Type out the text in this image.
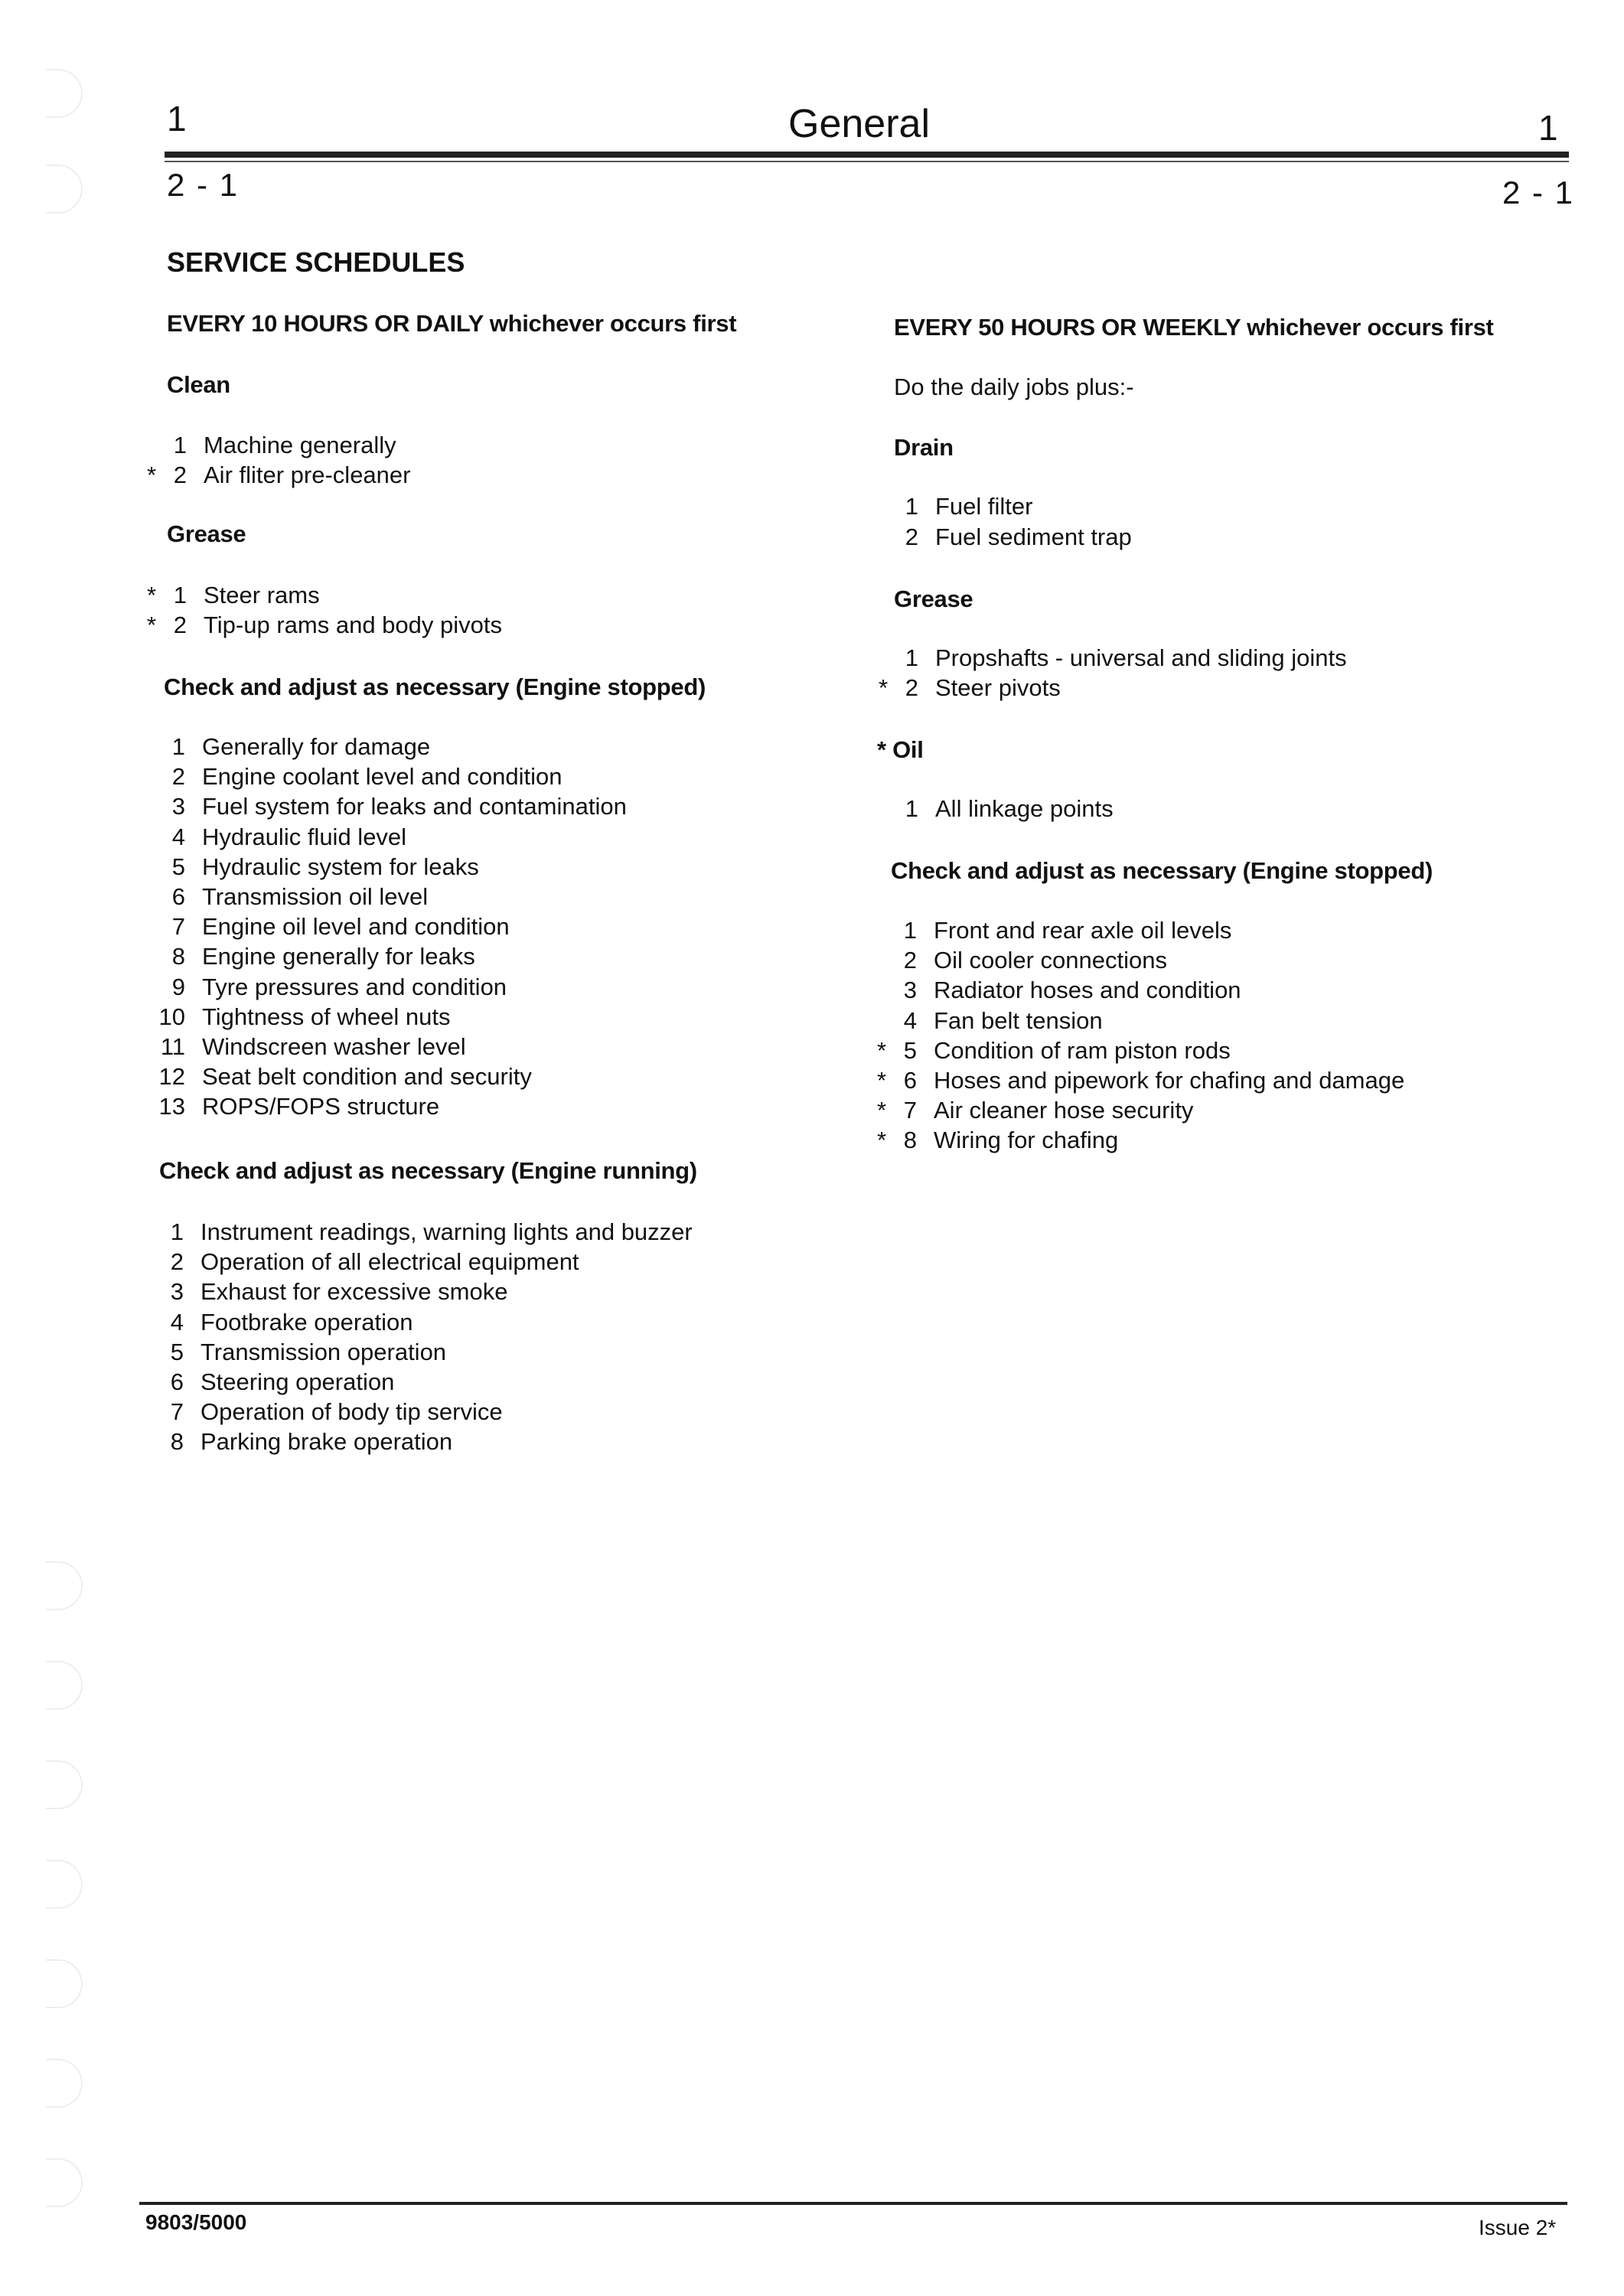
1	General	1
2 - 1	2 - 1
SERVICE SCHEDULES
EVERY 10 HOURS OR DAILY whichever occurs first
Clean
1 Machine generally
* 2 Air fliter pre-cleaner
Grease
* 1 Steer rams
* 2 Tip-up rams and body pivots
Check and adjust as necessary (Engine stopped)
1 Generally for damage
2 Engine coolant level and condition
3 Fuel system for leaks and contamination
4 Hydraulic fluid level
5 Hydraulic system for leaks
6 Transmission oil level
7 Engine oil level and condition
8 Engine generally for leaks
9 Tyre pressures and condition
10 Tightness of wheel nuts
11 Windscreen washer level
12 Seat belt condition and security
13 ROPS/FOPS structure
Check and adjust as necessary (Engine running)
1 Instrument readings, warning lights and buzzer
2 Operation of all electrical equipment
3 Exhaust for excessive smoke
4 Footbrake operation
5 Transmission operation
6 Steering operation
7 Operation of body tip service
8 Parking brake operation
EVERY 50 HOURS OR WEEKLY whichever occurs first
Do the daily jobs plus:-
Drain
1 Fuel filter
2 Fuel sediment trap
Grease
1 Propshafts - universal and sliding joints
* 2 Steer pivots
* Oil
1 All linkage points
Check and adjust as necessary (Engine stopped)
1 Front and rear axle oil levels
2 Oil cooler connections
3 Radiator hoses and condition
4 Fan belt tension
* 5 Condition of ram piston rods
* 6 Hoses and pipework for chafing and damage
* 7 Air cleaner hose security
* 8 Wiring for chafing
9803/5000	Issue 2*
